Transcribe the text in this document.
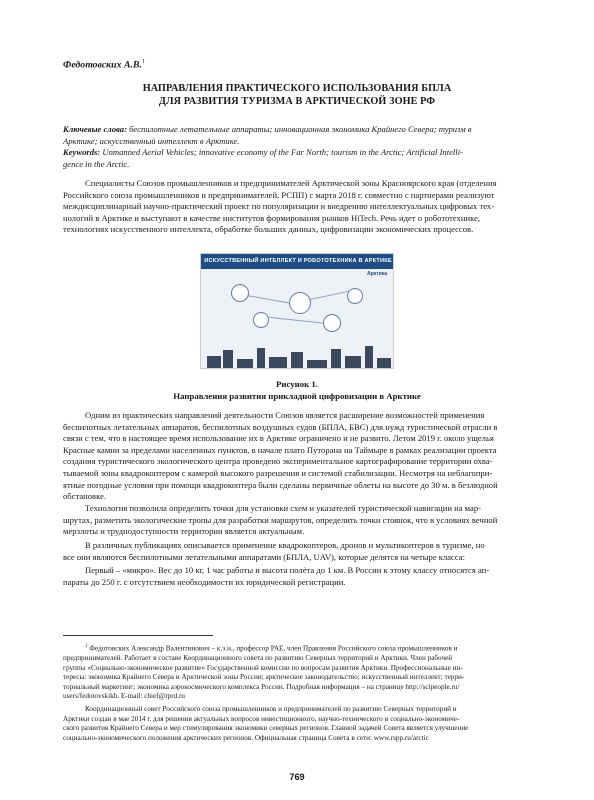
Федотовских А.В.$^1$
НАПРАВЛЕНИЯ ПРАКТИЧЕСКОГО ИСПОЛЬЗОВАНИЯ БПЛА
ДЛЯ РАЗВИТИЯ ТУРИЗМА В АРКТИЧЕСКОЙ ЗОНЕ РФ
Ключевые слова: беспилотные летательные аппараты; инновационная экономика Крайнего Севера; туризм в
Арктике; искусственный интеллект в Арктике.
Keywords: Unmanned Aerial Vehicles; innovative economy of the Far North; tourism in the Arctic; Artificial Intelli-
gence in the Arctic.
Специалисты Союзов промышленников и предпринимателей Арктической зоны Красноярского края (отделения
Российского союза промышленников и предпринимателей, РСПП) с марта 2018 г. совместно с партнерами реализуют
междисциплинарный научно-практический проект по популяризации и внедрению интеллектуальных цифровых тех-
нологий в Арктике и выступают в качестве институтов формирования рынков HiTech. Речь идет о робототехнике,
технологиях искусственного интеллекта, обработке больших данных, цифровизации экономических процессов.
ИСКУССТВЕННЫЙ ИНТЕЛЛЕКТ И РОБОТОТЕХНИКА В АРКТИКЕ
Арктика
Рисунок 1.
Направления развития прикладной цифровизации в Арктике
Одним из практических направлений деятельности Союзов является расширение возможностей применения
беспилотных летательных аппаратов, беспилотных воздушных судов (БПЛА, БВС) для нужд туристической отрасли в
связи с тем, что в настоящее время использование их в Арктике ограничено и не развито. Летом 2019 г. около ущелья
Красные камни за пределами населенных пунктов, в начале плато Путорана на Таймыре в рамках реализации проекта
создания туристического экологического центра проведено экспериментальное картографирование территории охва-
тываемой зоны квадрокоптером с камерой высокого разрешения и системой стабилизации. Несмотря на неблагопри-
ятные погодные условия при помощи квадрокоптера были сделаны первичные облеты на высоте до 30 м. в безлюдной
обстановке.
Технология позволила определить точки для установки схем и указателей туристической навигации на мар-
шрутах, разметить экологические тропы для разработки маршрутов, определить точки стоянок, что в условиях вечной
мерзлоты и труднодоступности территории является актуальным.
В различных публикациях описывается применение квадрокоптеров, дронов и мультикоптеров в туризме, но
все они являются беспилотными летательными аппаратами (БПЛА, UAV), которые делятся на четыре класса:
Первый – «микро». Вес до 10 кг, 1 час работы и высота полёта до 1 км. В России к этому классу относятся ап-
параты до 250 г. с отсутствием необходимости их юридической регистрации.
$^1$ Федотовских Александр Валентинович – к.э.н., профессор РАЕ, член Правления Российского союза промышленников и
предпринимателей. Работает в составе Координационного совета по развитию Северных территорий и Арктики. Член рабочей
группы «Социально-экономическое развитие» Государственной комиссии по вопросам развития Арктики. Профессиональные ин-
тересы: экономика Крайнего Севера и Арктической зоны России; арктическое законодательство; искусственный интеллект; терри-
ториальный маркетинг; экономика аэрокосмического комплекса России. Подробная информация – на странице http://scipeople.ru/
users/fedotovskikh. E-mail: chief@rprd.ru
Координационный совет Российского союза промышленников и предпринимателей по развитию Северных территорий и
Арктики создан в мае 2014 г. для решения актуальных вопросов инвестиционного, научно-технического и социально-экономиче-
ского развития Крайнего Севера и мер стимулирования экономики северных регионов. Главной задачей Совета является улучшение
социально-экономического положения арктических регионов. Официальная страница Совета в сети: www.rspp.ru/arctic
769
